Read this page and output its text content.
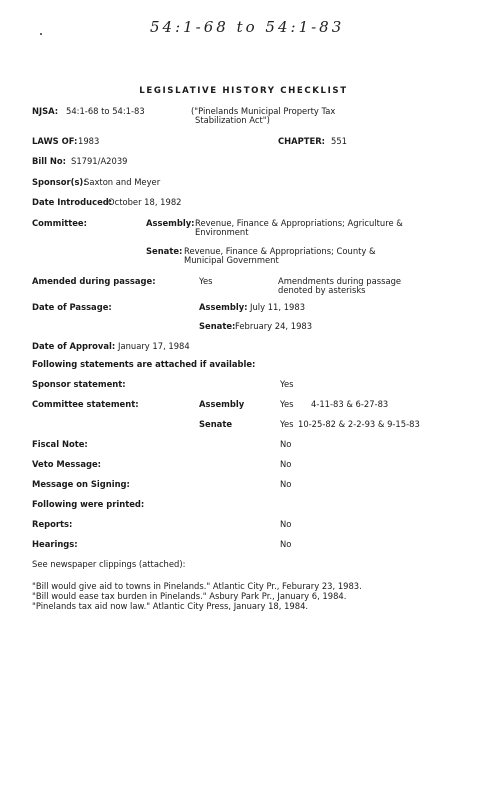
54:1-68 to 54:1-83
LEGISLATIVE HISTORY CHECKLIST
NJSA: 54:1-68 to 54:1-83	("Pinelands Municipal Property Tax
Stabilization Act")
LAWS OF: 1983	CHAPTER: 551
Bill No: S1791/A2039
Sponsor(s):
Saxton and Meyer
Date Introduced:
October 18, 1982
Committee:	Assembly: Revenue, Finance & Appropriations; Agriculture &
Environment
Senate: Revenue, Finance & Appropriations; County &
Municipal Government
Amended during passage:	Yes	Amendments during passage
denoted by asterisks
Date of Passage:	Assembly: July 11, 1983
Senate: February 24, 1983
Date of Approval: January 17, 1984
Following statements are attached if available:
Sponsor statement:	Yes
Committee statement:	Assembly	Yes 4-11-83 & 6-27-83
Senate	Yes 10-25-82 & 2-2-93 & 9-15-83
Fiscal Note:	No
Veto Message:	No
Message on Signing:	No
Following were printed:
Reports:	No
Hearings:	No
See newspaper clippings (attached):
"Bill would give aid to towns in Pinelands." Atlantic City Pr., Feburary 23, 1983.
"Bill would ease tax burden in Pinelands." Asbury Park Pr., January 6, 1984.
"Pinelands tax aid now law." Atlantic City Press, January 18, 1984.
